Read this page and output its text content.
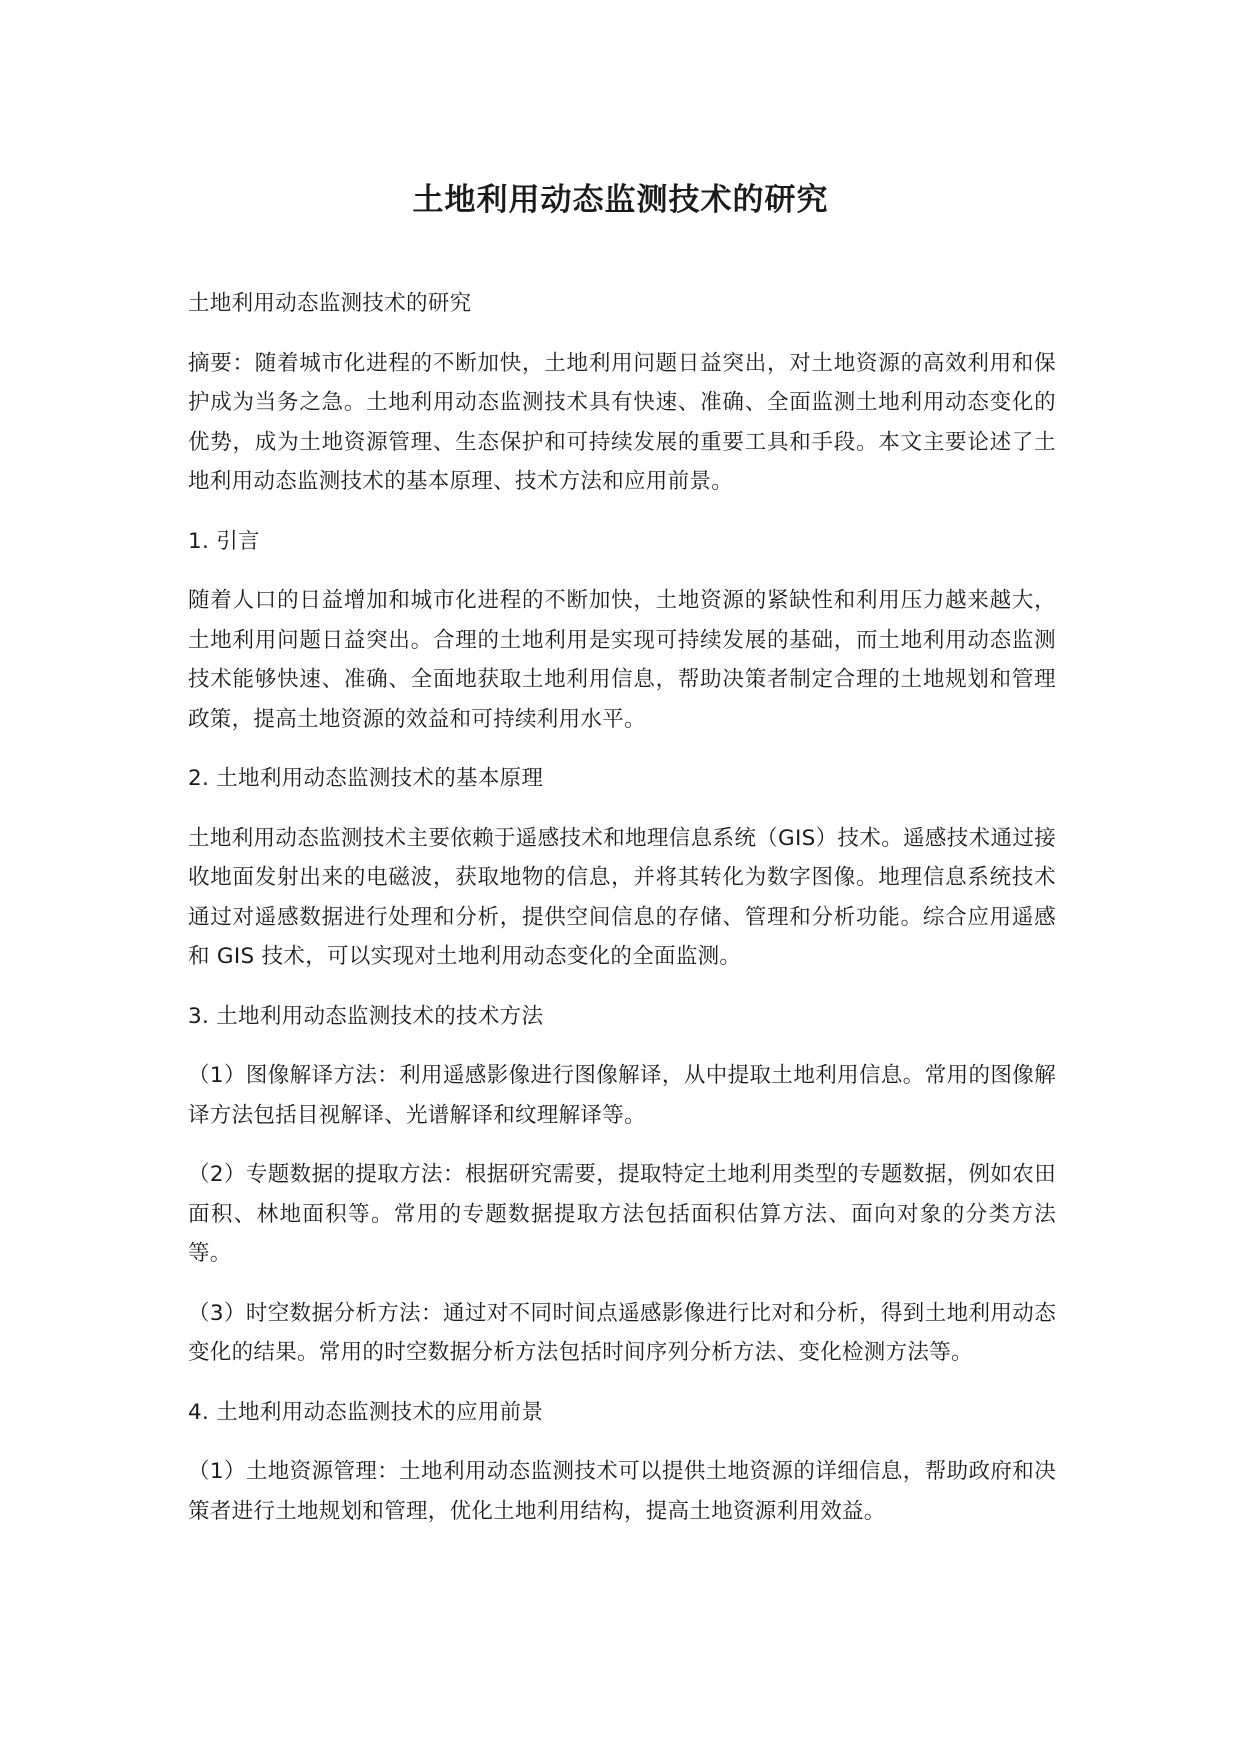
土地利用动态监测技术的研究

土地利用动态监测技术的研究

摘要：随着城市化进程的不断加快，土地利用问题日益突出，对土地资源的高效利用和保护成为当务之急。土地利用动态监测技术具有快速、准确、全面监测土地利用动态变化的优势，成为土地资源管理、生态保护和可持续发展的重要工具和手段。本文主要论述了土地利用动态监测技术的基本原理、技术方法和应用前景。

1. 引言

随着人口的日益增加和城市化进程的不断加快，土地资源的紧缺性和利用压力越来越大，土地利用问题日益突出。合理的土地利用是实现可持续发展的基础，而土地利用动态监测技术能够快速、准确、全面地获取土地利用信息，帮助决策者制定合理的土地规划和管理政策，提高土地资源的效益和可持续利用水平。

2. 土地利用动态监测技术的基本原理

土地利用动态监测技术主要依赖于遥感技术和地理信息系统（GIS）技术。遥感技术通过接收地面发射出来的电磁波，获取地物的信息，并将其转化为数字图像。地理信息系统技术通过对遥感数据进行处理和分析，提供空间信息的存储、管理和分析功能。综合应用遥感和 GIS 技术，可以实现对土地利用动态变化的全面监测。

3. 土地利用动态监测技术的技术方法

（1）图像解译方法：利用遥感影像进行图像解译，从中提取土地利用信息。常用的图像解译方法包括目视解译、光谱解译和纹理解译等。

（2）专题数据的提取方法：根据研究需要，提取特定土地利用类型的专题数据，例如农田面积、林地面积等。常用的专题数据提取方法包括面积估算方法、面向对象的分类方法等。

（3）时空数据分析方法：通过对不同时间点遥感影像进行比对和分析，得到土地利用动态变化的结果。常用的时空数据分析方法包括时间序列分析方法、变化检测方法等。

4. 土地利用动态监测技术的应用前景

（1）土地资源管理：土地利用动态监测技术可以提供土地资源的详细信息，帮助政府和决策者进行土地规划和管理，优化土地利用结构，提高土地资源利用效益。
